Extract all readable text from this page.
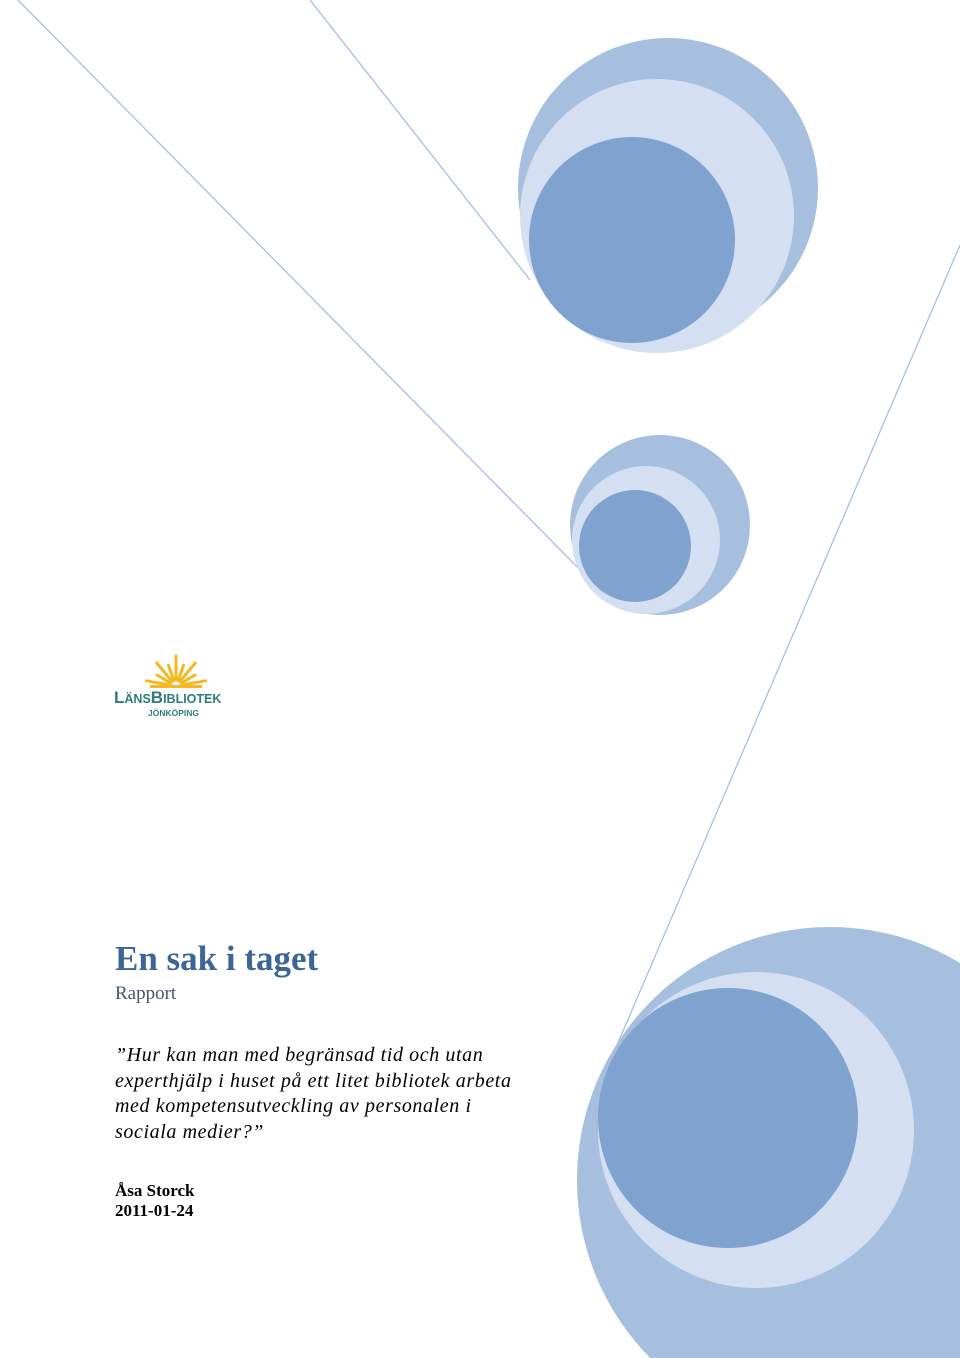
LÄNSBIBLIOTEK
JÖNKÖPING
En sak i taget

Rapport

”Hur kan man med begränsad tid och utan
experthjälp i huset på ett litet bibliotek arbeta
med kompetensutveckling av personalen i
sociala medier?”

Åsa Storck

2011-01-24
